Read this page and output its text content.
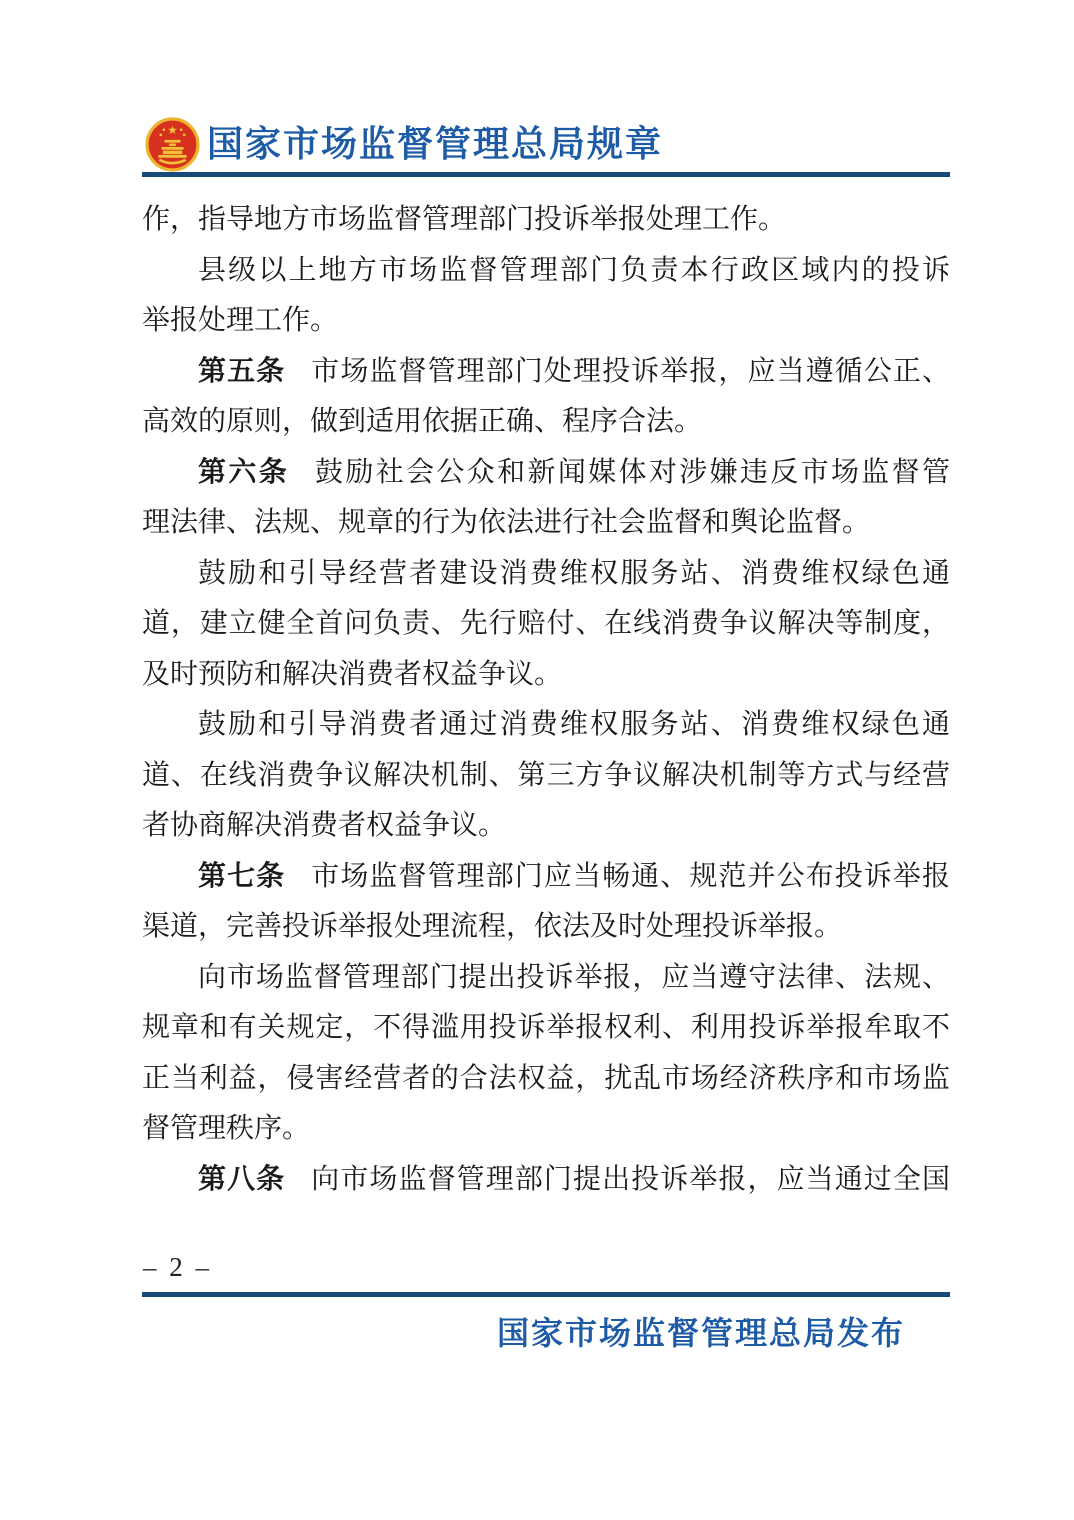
国家市场监督管理总局规章
作，指导地方市场监督管理部门投诉举报处理工作。
县级以上地方市场监督管理部门负责本行政区域内的投诉
举报处理工作。
第五条 市场监督管理部门处理投诉举报，应当遵循公正、
高效的原则，做到适用依据正确、程序合法。
第六条 鼓励社会公众和新闻媒体对涉嫌违反市场监督管
理法律、法规、规章的行为依法进行社会监督和舆论监督。
鼓励和引导经营者建设消费维权服务站、消费维权绿色通
道，建立健全首问负责、先行赔付、在线消费争议解决等制度，
及时预防和解决消费者权益争议。
鼓励和引导消费者通过消费维权服务站、消费维权绿色通
道、在线消费争议解决机制、第三方争议解决机制等方式与经营
者协商解决消费者权益争议。
第七条 市场监督管理部门应当畅通、规范并公布投诉举报
渠道，完善投诉举报处理流程，依法及时处理投诉举报。
向市场监督管理部门提出投诉举报，应当遵守法律、法规、
规章和有关规定，不得滥用投诉举报权利、利用投诉举报牟取不
正当利益，侵害经营者的合法权益，扰乱市场经济秩序和市场监
督管理秩序。
第八条 向市场监督管理部门提出投诉举报，应当通过全国
– 2 –
国家市场监督管理总局发布
